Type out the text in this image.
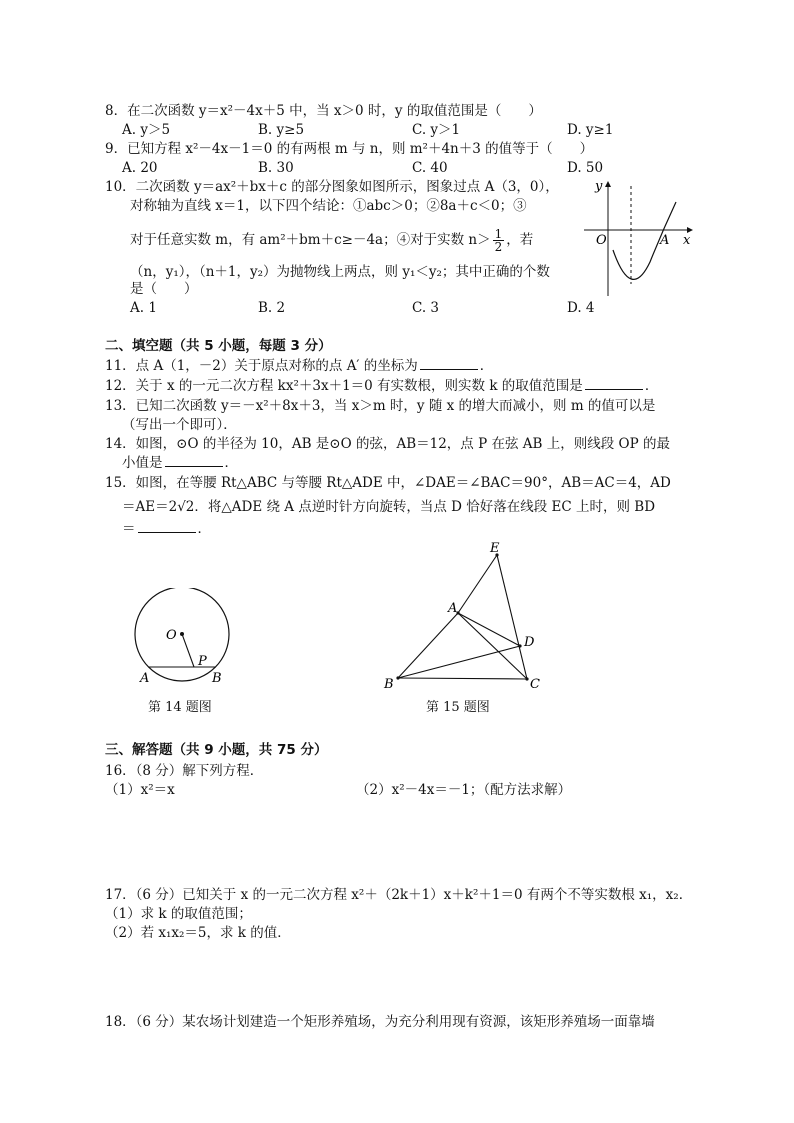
8．在二次函数 y＝x²－4x＋5 中，当 x＞0 时，y 的取值范围是（　　）
A. y＞5	B. y≥5	C. y＞1	D. y≥1
9．已知方程 x²－4x－1＝0 的有两根 m 与 n，则 m²＋4n＋3 的值等于（　　）
A. 20	B. 30	C. 40	D. 50
10．二次函数 y＝ax²＋bx＋c 的部分图象如图所示，图象过点 A（3，0），
对称轴为直线 x＝1，以下四个结论：①abc＞0；②8a＋c＜0；③
对于任意实数 m，有 am²＋bm＋c≥－4a；④对于实数 $n> \frac{1}{2}$ ，若
（n，y₁），（n＋1，y₂）为抛物线上两点，则 y₁＜y₂；其中正确的个数
是（　　）
A. 1	B. 2	C. 3	D. 4
y
x
O	A
二、填空题（共 5 小题，每题 3 分）
11．点 A（1，－2）关于原点对称的点 A′ 的坐标为	．
12．关于 x 的一元二次方程 kx²＋3x＋1＝0 有实数根，则实数 k 的取值范围是	．
13．已知二次函数 y＝－x²＋8x＋3，当 x＞m 时，y 随 x 的增大而减小，则 m 的值可以是
（写出一个即可）．
14．如图，⊙O 的半径为 10，AB 是⊙O 的弦，AB＝12，点 P 在弦 AB 上，则线段 OP 的最
小值是	．
15．如图，在等腰 Rt△ABC 与等腰 Rt△ADE 中，∠DAE＝∠BAC＝90°，AB＝AC＝4，AD
＝AE＝2√2．将△ADE 绕 A 点逆时针方向旋转，当点 D 恰好落在线段 EC 上时，则 BD
＝	．
O
A	B
P
第 14 题图
E
A
D
B	C
第 15 题图
三、解答题（共 9 小题，共 75 分）
16．（8 分）解下列方程．
（1）x²＝x	（2）x²－4x＝－1；（配方法求解）
17．（6 分）已知关于 x 的一元二次方程 x²＋（2k＋1）x＋k²＋1＝0 有两个不等实数根 x₁，x₂．
（1）求 k 的取值范围；
（2）若 x₁x₂＝5，求 k 的值．
18．（6 分）某农场计划建造一个矩形养殖场，为充分利用现有资源，该矩形养殖场一面靠墙
